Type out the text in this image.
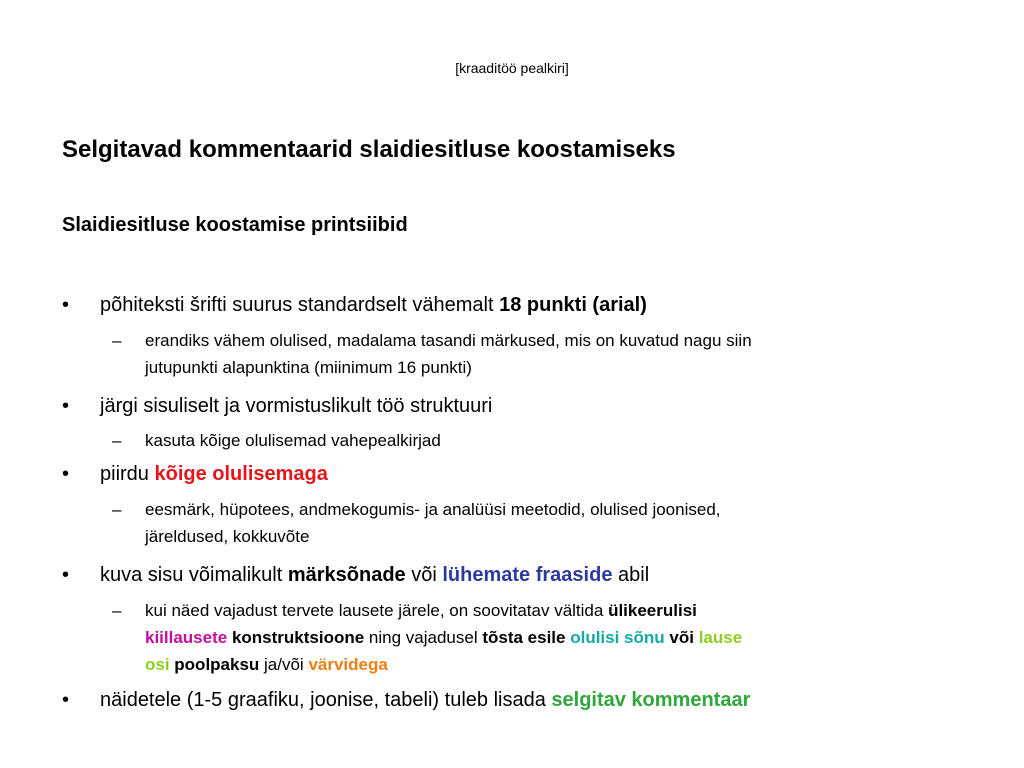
[kraaditöö pealkiri]
Selgitavad kommentaarid slaidiesitluse koostamiseks
Slaidiesitluse koostamise printsiibid
• põhiteksti šrifti suurus standardselt vähemalt 18 punkti (arial)
– erandiks vähem olulised, madalama tasandi märkused, mis on kuvatud nagu siin
jutupunkti alapunktina (miinimum 16 punkti)
• järgi sisuliselt ja vormistuslikult töö struktuuri
– kasuta kõige olulisemad vahepealkirjad
• piirdu kõige olulisemaga
– eesmärk, hüpotees, andmekogumis- ja analüüsi meetodid, olulised joonised,
järeldused, kokkuvõte
• kuva sisu võimalikult märksõnade või lühemate fraaside abil
– kui näed vajadust tervete lausete järele, on soovitatav vältida ülikeerulisi
kiillausete konstruktsioone ning vajadusel tõsta esile olulisi sõnu või lause
osi poolpaksu ja/või värvidega
• näidetele (1-5 graafiku, joonise, tabeli) tuleb lisada selgitav kommentaar
